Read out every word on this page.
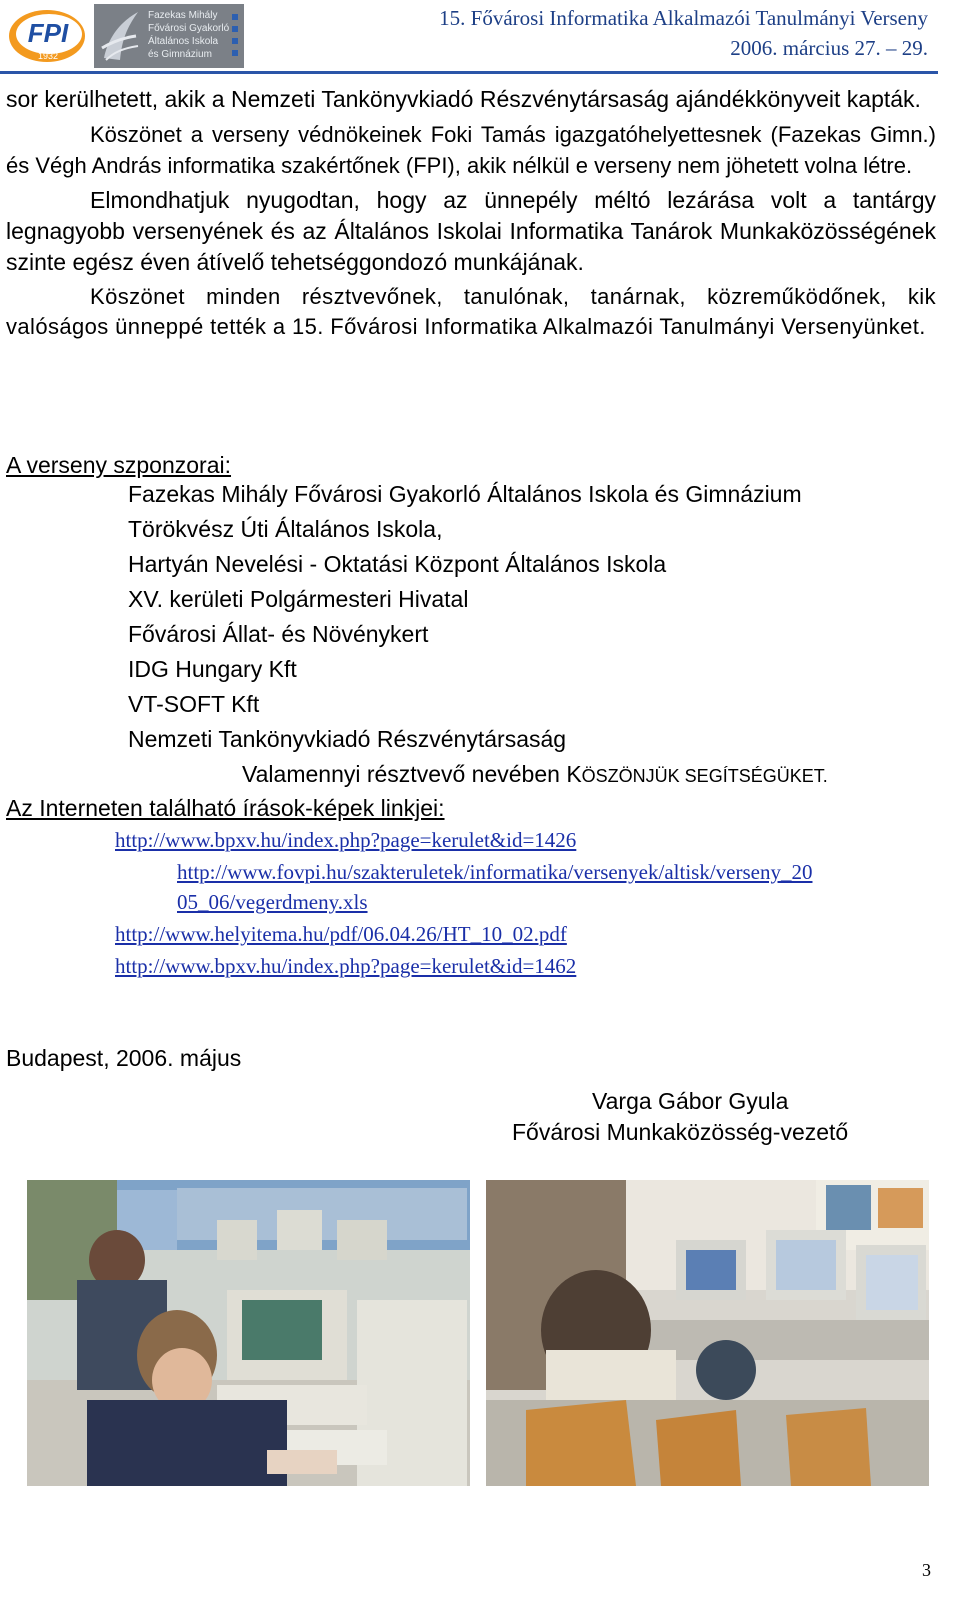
FPI
1932
Fazekas Mihály
Fővárosi Gyakorló
Általános Iskola
és Gimnázium
15. Fővárosi Informatika Alkalmazói Tanulmányi Verseny
2006. március 27. – 29.

sor kerülhetett, akik a Nemzeti Tankönyvkiadó Részvénytársaság ajándékkönyveit kapták.

Köszönet a verseny védnökeinek Foki Tamás igazgatóhelyettesnek (Fazekas Gimn.) és Végh András informatika szakértőnek (FPI), akik nélkül e verseny nem jöhetett volna létre.

Elmondhatjuk nyugodtan, hogy az ünnepély méltó lezárása volt a tantárgy legnagyobb versenyének és az Általános Iskolai Informatika Tanárok Munkaközösségének szinte egész éven átívelő tehetséggondozó munkájának.

Köszönet minden résztvevőnek, tanulónak, tanárnak, közreműködőnek, kik valóságos ünneppé tették a 15. Fővárosi Informatika Alkalmazói Tanulmányi Versenyünket.

A verseny szponzorai:
Fazekas Mihály Fővárosi Gyakorló Általános Iskola és Gimnázium
Törökvész Úti Általános Iskola,
Hartyán Nevelési - Oktatási Központ Általános Iskola
XV. kerületi Polgármesteri Hivatal
Fővárosi Állat- és Növénykert
IDG Hungary Kft
VT-SOFT Kft
Nemzeti Tankönyvkiadó Részvénytársaság
Valamennyi résztvevő nevében KÖSZÖNJÜK SEGÍTSÉGÜKET.
Az Interneten található írások-képek linkjei:
http://www.bpxv.hu/index.php?page=kerulet&id=1426
http://www.fovpi.hu/szakteruletek/informatika/versenyek/altisk/verseny_20
05_06/vegerdmeny.xls
http://www.helyitema.hu/pdf/06.04.26/HT_10_02.pdf
http://www.bpxv.hu/index.php?page=kerulet&id=1462
Budapest, 2006. május
Varga Gábor Gyula
Fővárosi Munkaközösség-vezető
3
